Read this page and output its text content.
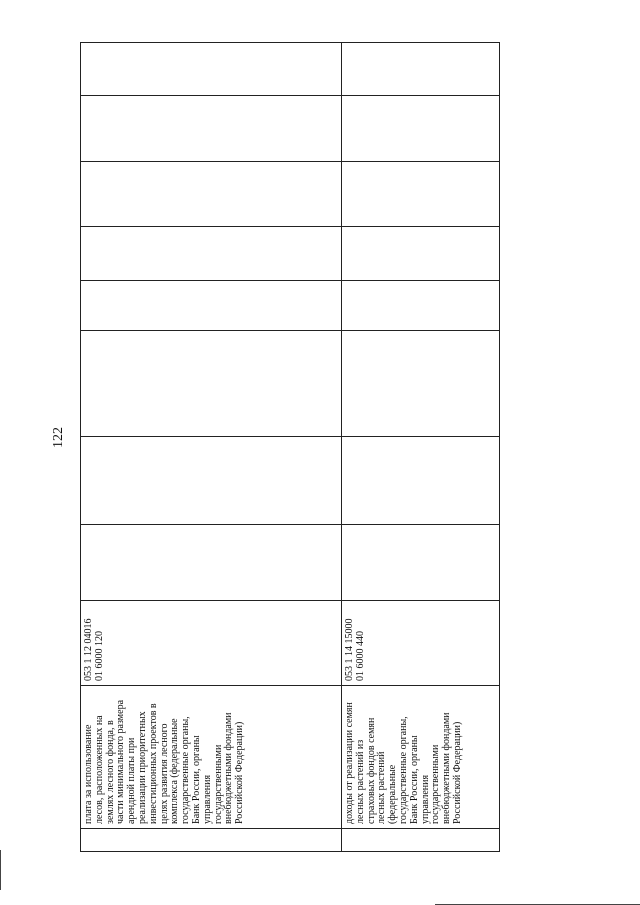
122
плата за использование
лесов, расположенных на
землях лесного фонда, в
части минимального размера
арендной платы при
реализации приоритетных
инвестиционных проектов в
целях развития лесного
комплекса (федеральные
государственные органы,
Банк России, органы
управления
государственными
внебюджетными фондами
Российской Федерации)
053 1 12 04016
01 6000 120
доходы от реализации семян
лесных растений из
страховых фондов семян
лесных растений
(федеральные
государственные органы,
Банк России, органы
управления
государственными
внебюджетными фондами
Российской Федерации)
053 1 14 15000
01 6000 440
